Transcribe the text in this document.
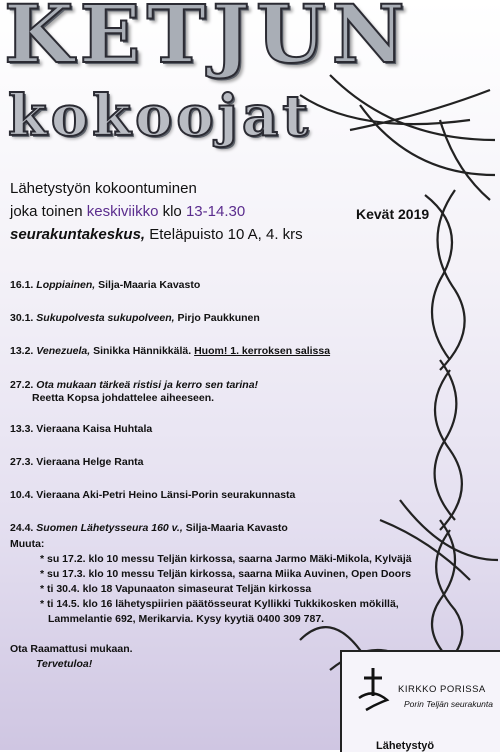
KETJUN
kokoojat

Lähetystyön kokoontuminen

joka toinen keskiviikko klo 13-14.30

seurakuntakeskus, Eteläpuisto 10 A, 4. krs

Kevät 2019

16.1. Loppiainen, Silja-Maaria Kavasto

30.1. Sukupolvesta sukupolveen, Pirjo Paukkunen

13.2. Venezuela, Sinikka Hännikkälä. Huom! 1. kerroksen salissa

27.2. Ota mukaan tärkeä ristisi ja kerro sen tarina!

Reetta Kopsa johdattelee aiheeseen.

13.3. Vieraana Kaisa Huhtala

27.3. Vieraana Helge Ranta

10.4. Vieraana Aki-Petri Heino Länsi-Porin seurakunnasta

24.4. Suomen Lähetysseura 160 v., Silja-Maaria Kavasto

Muuta:

* su 17.2. klo 10 messu Teljän kirkossa, saarna Jarmo Mäki-Mikola, Kylväjä

* su 17.3. klo 10 messu Teljän kirkossa, saarna Miika Auvinen, Open Doors

* ti 30.4. klo 18 Vapunaaton simaseurat Teljän kirkossa

* ti 14.5. klo 16 lähetyspiirien päätösseurat Kyllikki Tukkikosken mökillä,

Lammelantie 692, Merikarvia. Kysy kyytiä 0400 309 787.

Ota Raamattusi mukaan.

Tervetuloa!

KIRKKO PORISSA
Porin Teljän seurakunta
Lähetystyö
